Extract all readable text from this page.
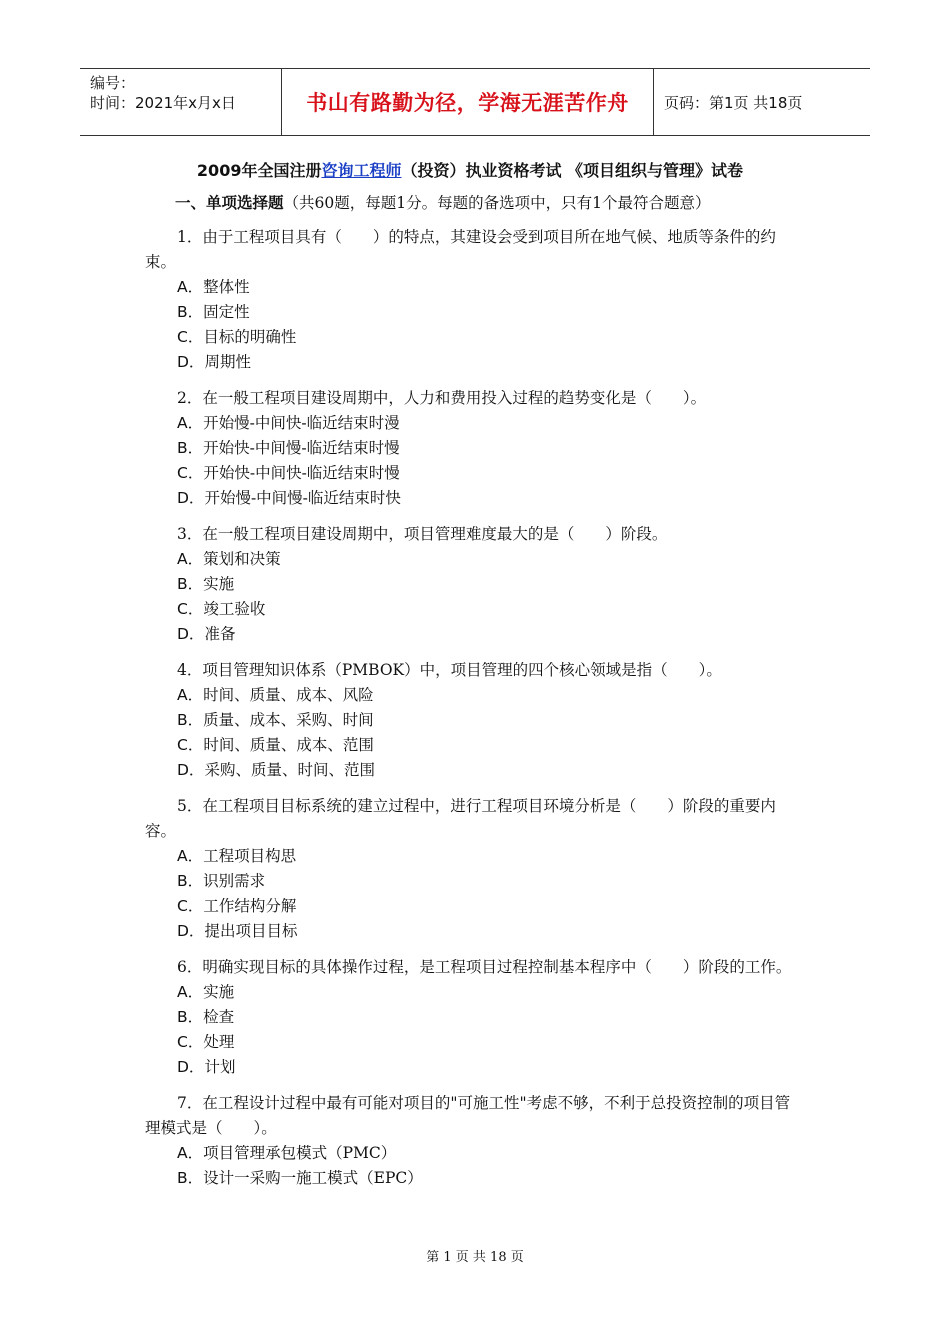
编号：
时间：2021年x月x日	书山有路勤为径，学海无涯苦作舟 页码：第1页 共18页
2009年全国注册咨询工程师（投资）执业资格考试 《项目组织与管理》试卷
一、单项选择题（共60题，每题1分。每题的备选项中，只有1个最符合题意）
1．由于工程项目具有（　　）的特点，其建设会受到项目所在地气候、地质等条件的约束。
A．整体性
B．固定性
C．目标的明确性
D．周期性
2．在一般工程项目建设周期中，人力和费用投入过程的趋势变化是（　　）。
A．开始慢-中间快-临近结束时漫
B．开始快-中间慢-临近结束时慢
C．开始快-中间快-临近结束时慢
D．开始慢-中间慢-临近结束时快
3．在一般工程项目建设周期中，项目管理难度最大的是（　　）阶段。
A．策划和决策
B．实施
C．竣工验收
D．准备
4．项目管理知识体系（PMBOK）中，项目管理的四个核心领域是指（　　）。
A．时间、质量、成本、风险
B．质量、成本、采购、时间
C．时间、质量、成本、范围
D．采购、质量、时间、范围
5．在工程项目目标系统的建立过程中，进行工程项目环境分析是（　　）阶段的重要内容。
A．工程项目构思
B．识别需求
C．工作结构分解
D．提出项目目标
6．明确实现目标的具体操作过程，是工程项目过程控制基本程序中（　　）阶段的工作。
A．实施
B．检查
C．处理
D．计划
7．在工程设计过程中最有可能对项目的"可施工性"考虑不够，不利于总投资控制的项目管理模式是（　　）。
A．项目管理承包模式（PMC）
B．设计一采购一施工模式（EPC）
第 1 页 共 18 页
